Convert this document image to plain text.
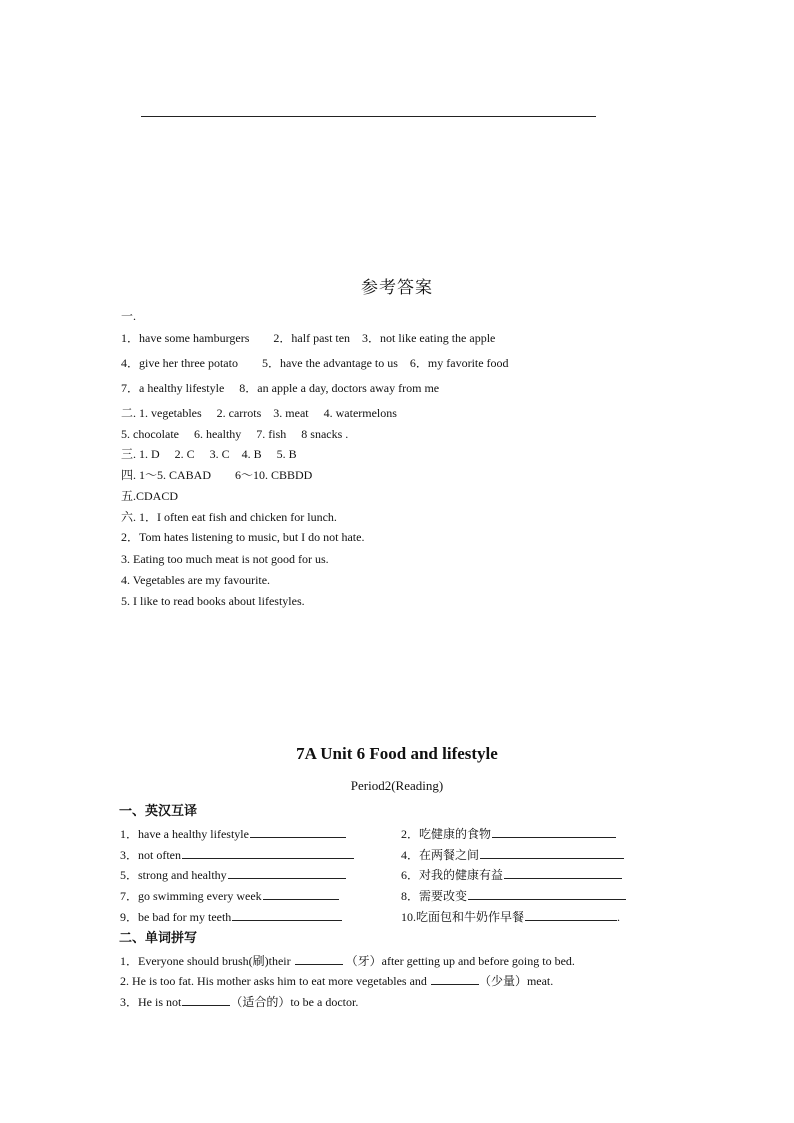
参考答案
一.
1．have some hamburgers　　2．half past ten　3．not like eating the apple
4．give her three potato　　5．have the advantage to us　6．my favorite food
7．a healthy lifestyle　 8．an apple a day, doctors away from me
二. 1. vegetables　 2. carrots　3. meat　 4. watermelons
5. chocolate　 6. healthy　 7. fish　 8 snacks .
三. 1. D　 2. C　 3. C　4. B　 5. B
四. 1～5. CABAD　　6～10. CBBDD
五.CDACD
六. 1．I often eat fish and chicken for lunch.
2．Tom hates listening to music, but I do not hate.
3. Eating too much meat is not good for us.
4. Vegetables are my favourite.
5. I like to read books about lifestyles.
7A Unit 6 Food and lifestyle
Period2(Reading)
一、英汉互译
1．have a healthy lifestyle	2．吃健康的食物
3．not often	4．在两餐之间
5．strong and healthy	6．对我的健康有益
7．go swimming every week	8．需要改变
9．be bad for my teeth	10.吃面包和牛奶作早餐	.
二、单词拼写
1．Everyone should brush(刷)their	（牙）after getting up and before going to bed.
2. He is too fat. His mother asks him to eat more vegetables and	（少量）meat.
3．He is not	（适合的）to be a doctor.
